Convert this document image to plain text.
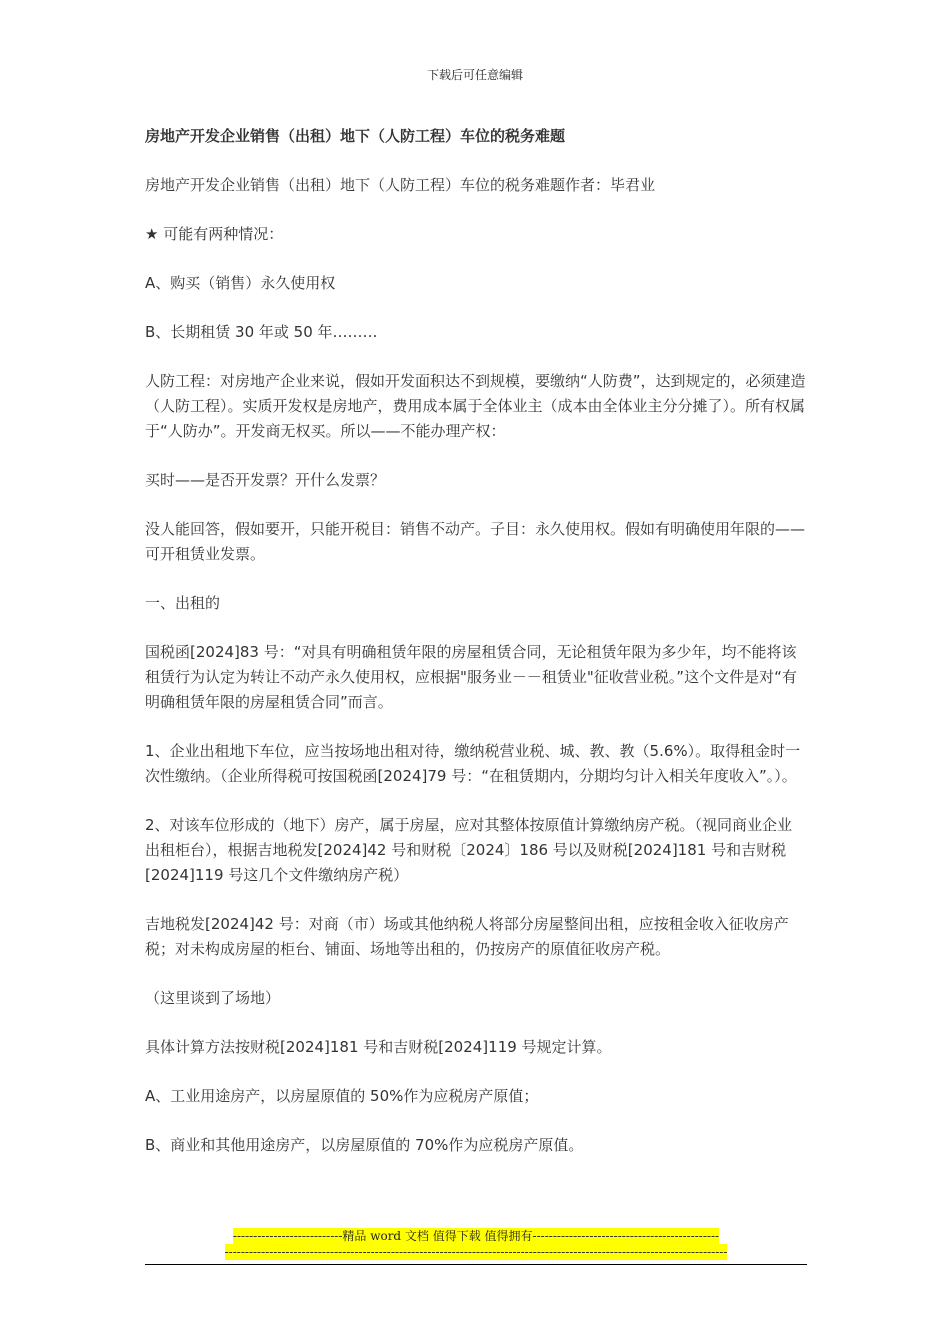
下载后可任意编辑

房地产开发企业销售（出租）地下（人防工程）车位的税务难题

房地产开发企业销售（出租）地下（人防工程）车位的税务难题作者：毕君业

★ 可能有两种情况：

A、购买（销售）永久使用权

B、长期租赁 30 年或 50 年………

人防工程：对房地产企业来说，假如开发面积达不到规模，要缴纳“人防费”，达到规定的，必须建造（人防工程）。实质开发权是房地产，费用成本属于全体业主（成本由全体业主分分摊了）。所有权属于“人防办”。开发商无权买。所以——不能办理产权：

买时——是否开发票？开什么发票？

没人能回答，假如要开，只能开税目：销售不动产。子目：永久使用权。假如有明确使用年限的——可开租赁业发票。

一、出租的

国税函[2024]83 号：“对具有明确租赁年限的房屋租赁合同，无论租赁年限为多少年，均不能将该租赁行为认定为转让不动产永久使用权，应根据"服务业－－租赁业"征收营业税。”这个文件是对“有明确租赁年限的房屋租赁合同”而言。

1、企业出租地下车位，应当按场地出租对待，缴纳税营业税、城、教、教（5.6%）。取得租金时一次性缴纳。（企业所得税可按国税函[2024]79 号：“在租赁期内，分期均匀计入相关年度收入”。）。

2、对该车位形成的（地下）房产，属于房屋，应对其整体按原值计算缴纳房产税。（视同商业企业出租柜台），根据吉地税发[2024]42 号和财税〔2024〕186 号以及财税[2024]181 号和吉财税[2024]119 号这几个文件缴纳房产税）

吉地税发[2024]42 号：对商（市）场或其他纳税人将部分房屋整间出租，应按租金收入征收房产税；对未构成房屋的柜台、铺面、场地等出租的，仍按房产的原值征收房产税。

（这里谈到了场地）

具体计算方法按财税[2024]181 号和吉财税[2024]119 号规定计算。

A、工业用途房产，以房屋原值的 50%作为应税房产原值；

B、商业和其他用途房产，以房屋原值的 70%作为应税房产原值。

---------------------------精品 word 文档 值得下载 值得拥有----------------------------------------------
----------------------------------------------------------------------------------------------------------------------------
